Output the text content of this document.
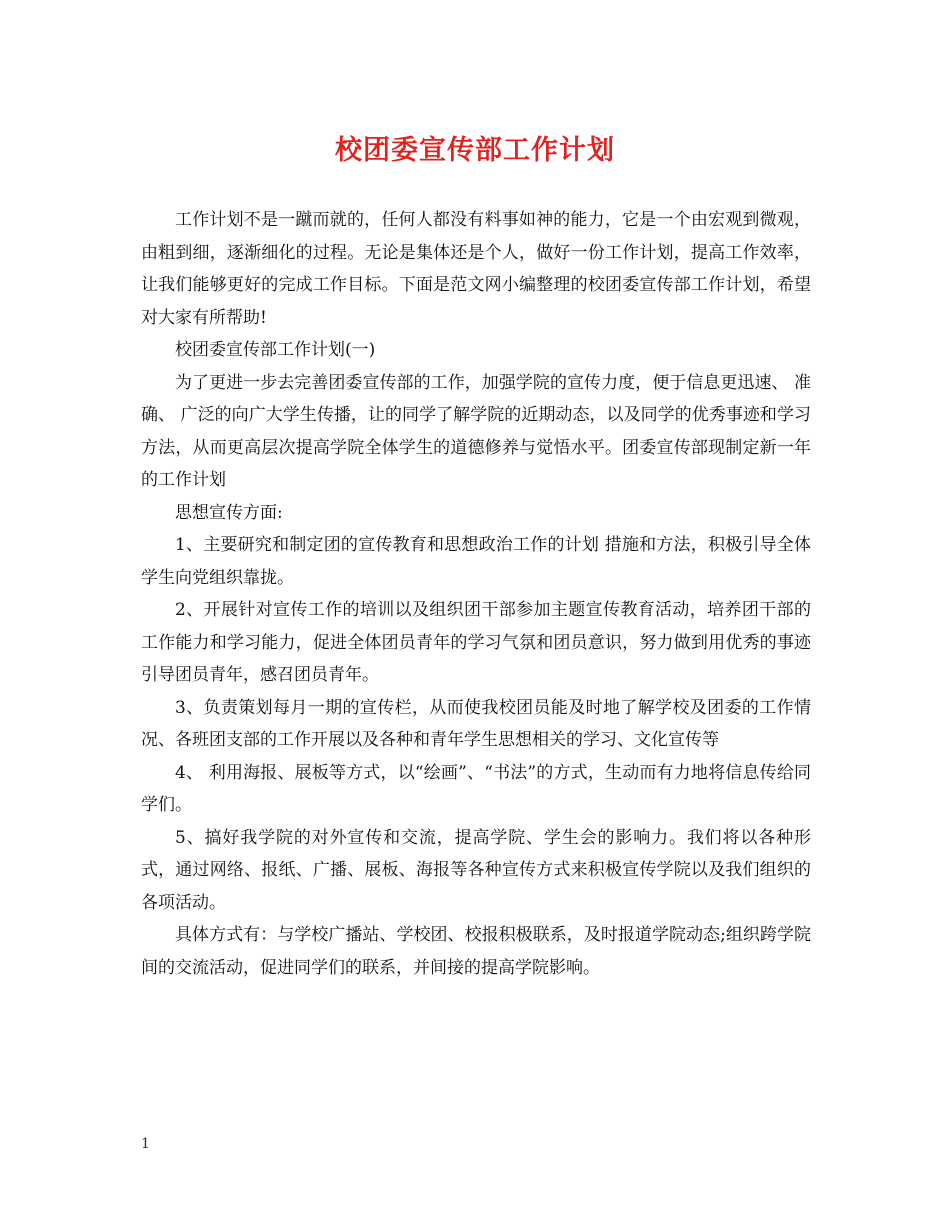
校团委宣传部工作计划

工作计划不是一蹴而就的，任何人都没有料事如神的能力，它是一个由宏观到微观，由粗到细，逐渐细化的过程。无论是集体还是个人，做好一份工作计划，提高工作效率，让我们能够更好的完成工作目标。下面是范文网小编整理的校团委宣传部工作计划，希望对大家有所帮助!

校团委宣传部工作计划(一)

为了更进一步去完善团委宣传部的工作，加强学院的宣传力度，便于信息更迅速、 准确、 广泛的向广大学生传播，让的同学了解学院的近期动态，以及同学的优秀事迹和学习方法，从而更高层次提高学院全体学生的道德修养与觉悟水平。团委宣传部现制定新一年的工作计划

思想宣传方面:

1、主要研究和制定团的宣传教育和思想政治工作的计划 措施和方法，积极引导全体学生向党组织靠拢。

2、开展针对宣传工作的培训以及组织团干部参加主题宣传教育活动，培养团干部的工作能力和学习能力，促进全体团员青年的学习气氛和团员意识，努力做到用优秀的事迹引导团员青年，感召团员青年。

3、负责策划每月一期的宣传栏，从而使我校团员能及时地了解学校及团委的工作情况、各班团支部的工作开展以及各种和青年学生思想相关的学习、文化宣传等

4、 利用海报、展板等方式，以“绘画”、“书法”的方式，生动而有力地将信息传给同学们。

5、搞好我学院的对外宣传和交流，提高学院、学生会的影响力。我们将以各种形式，通过网络、报纸、广播、展板、海报等各种宣传方式来积极宣传学院以及我们组织的各项活动。

具体方式有：与学校广播站、学校团、校报积极联系，及时报道学院动态;组织跨学院间的交流活动，促进同学们的联系，并间接的提高学院影响。

1
